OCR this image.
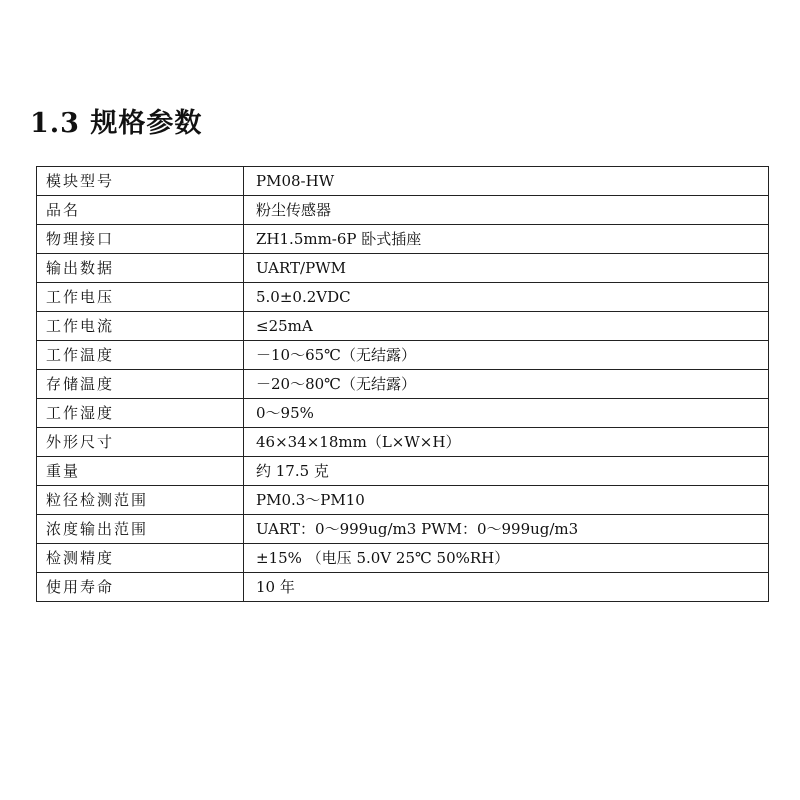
1.3 规格参数
模块型号	PM08-HW
品名	粉尘传感器
物理接口	ZH1.5mm-6P 卧式插座
输出数据	UART/PWM
工作电压	5.0±0.2VDC
工作电流	≤25mA
工作温度	－10～65℃（无结露）
存储温度	－20～80℃（无结露）
工作湿度	0～95%
外形尺寸	46×34×18mm（L×W×H）
重量	约 17.5 克
粒径检测范围	PM0.3～PM10
浓度输出范围	UART：0～999ug/m3 PWM：0～999ug/m3
检测精度	±15% （电压 5.0V 25℃ 50%RH）
使用寿命	10 年
